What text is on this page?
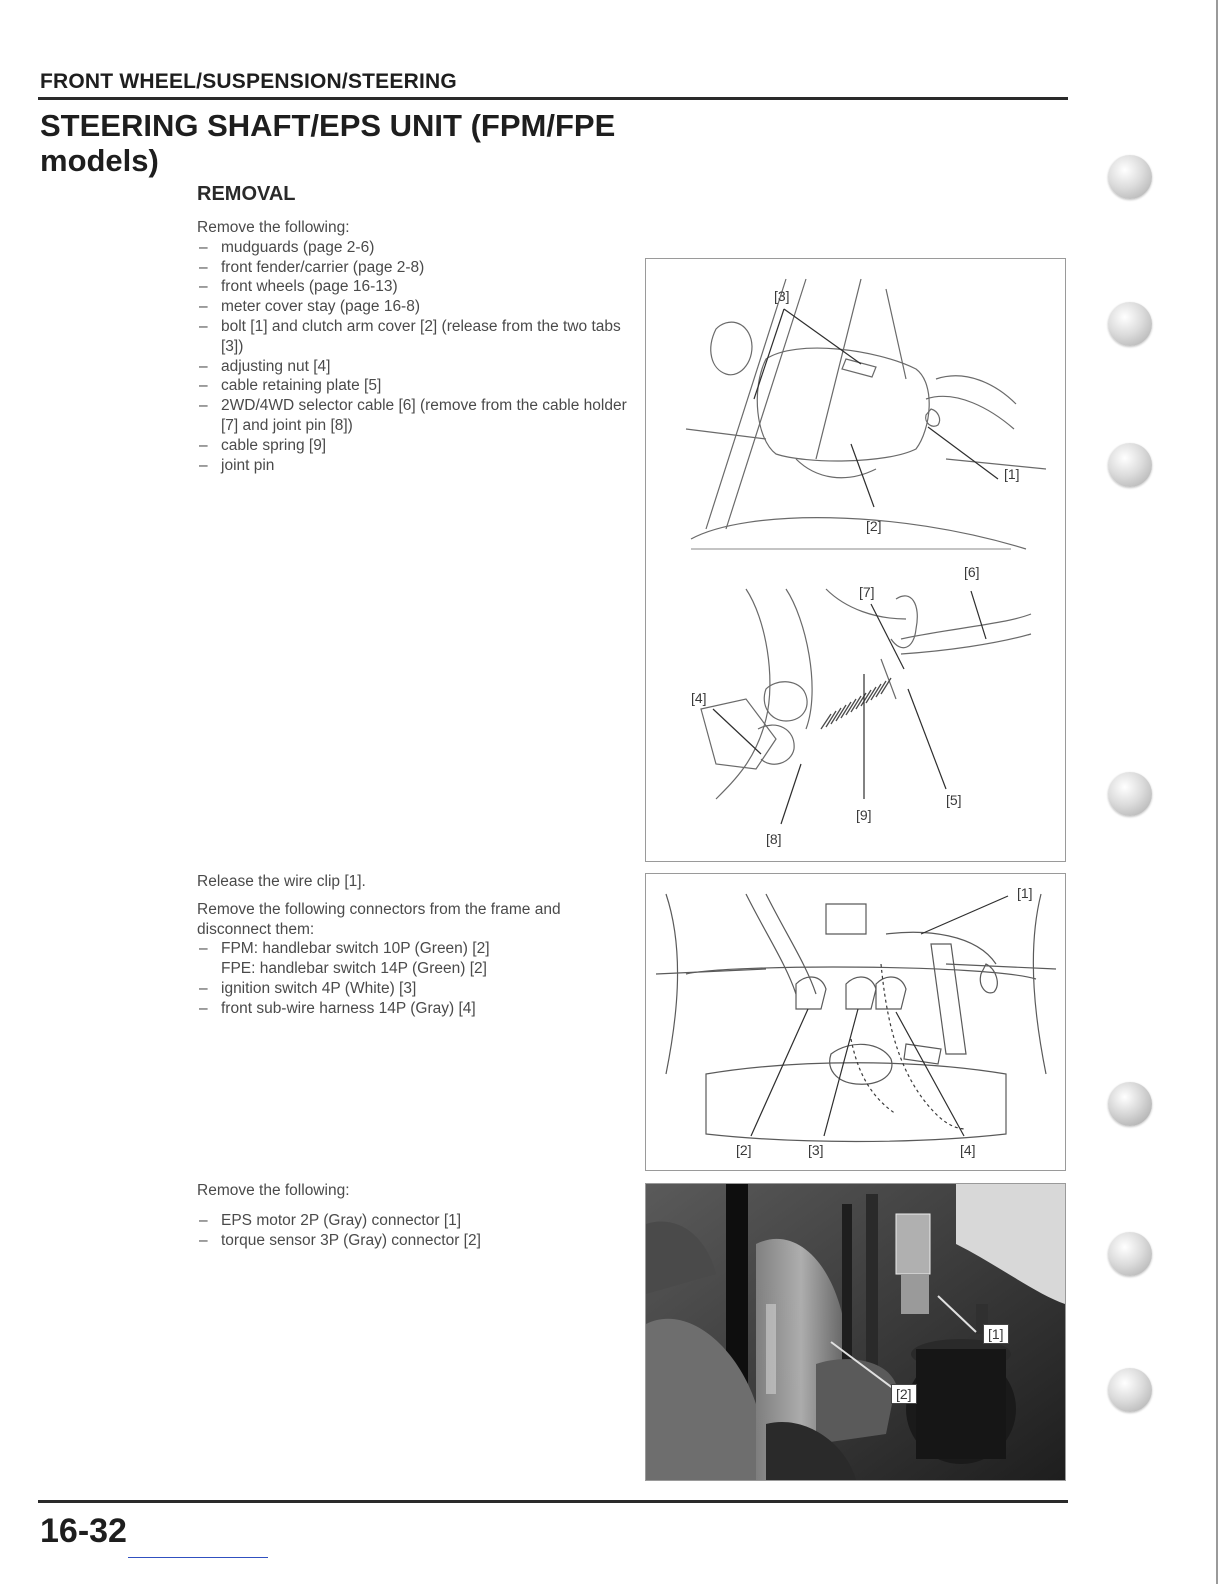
FRONT WHEEL/SUSPENSION/STEERING
STEERING SHAFT/EPS UNIT (FPM/FPE models)
REMOVAL
Remove the following:
– mudguards (page 2-6)
– front fender/carrier (page 2-8)
– front wheels (page 16-13)
– meter cover stay (page 16-8)
– bolt [1] and clutch arm cover [2] (release from the two tabs [3])
– adjusting nut [4]
– cable retaining plate [5]
– 2WD/4WD selector cable [6] (remove from the cable holder [7] and joint pin [8])
– cable spring [9]
– joint pin
Release the wire clip [1].
Remove the following connectors from the frame and disconnect them:
– FPM: handlebar switch 10P (Green) [2]
FPE: handlebar switch 14P (Green) [2]
– ignition switch 4P (White) [3]
– front sub-wire harness 14P (Gray) [4]
Remove the following:
– EPS motor 2P (Gray) connector [1]
– torque sensor 3P (Gray) connector [2]
[3]
[1]
[2]
[6]
[7]
[4]
[9]
[5]
[8]
[1]
[2]	[3]	[4]
[1]
[2]
16-32
